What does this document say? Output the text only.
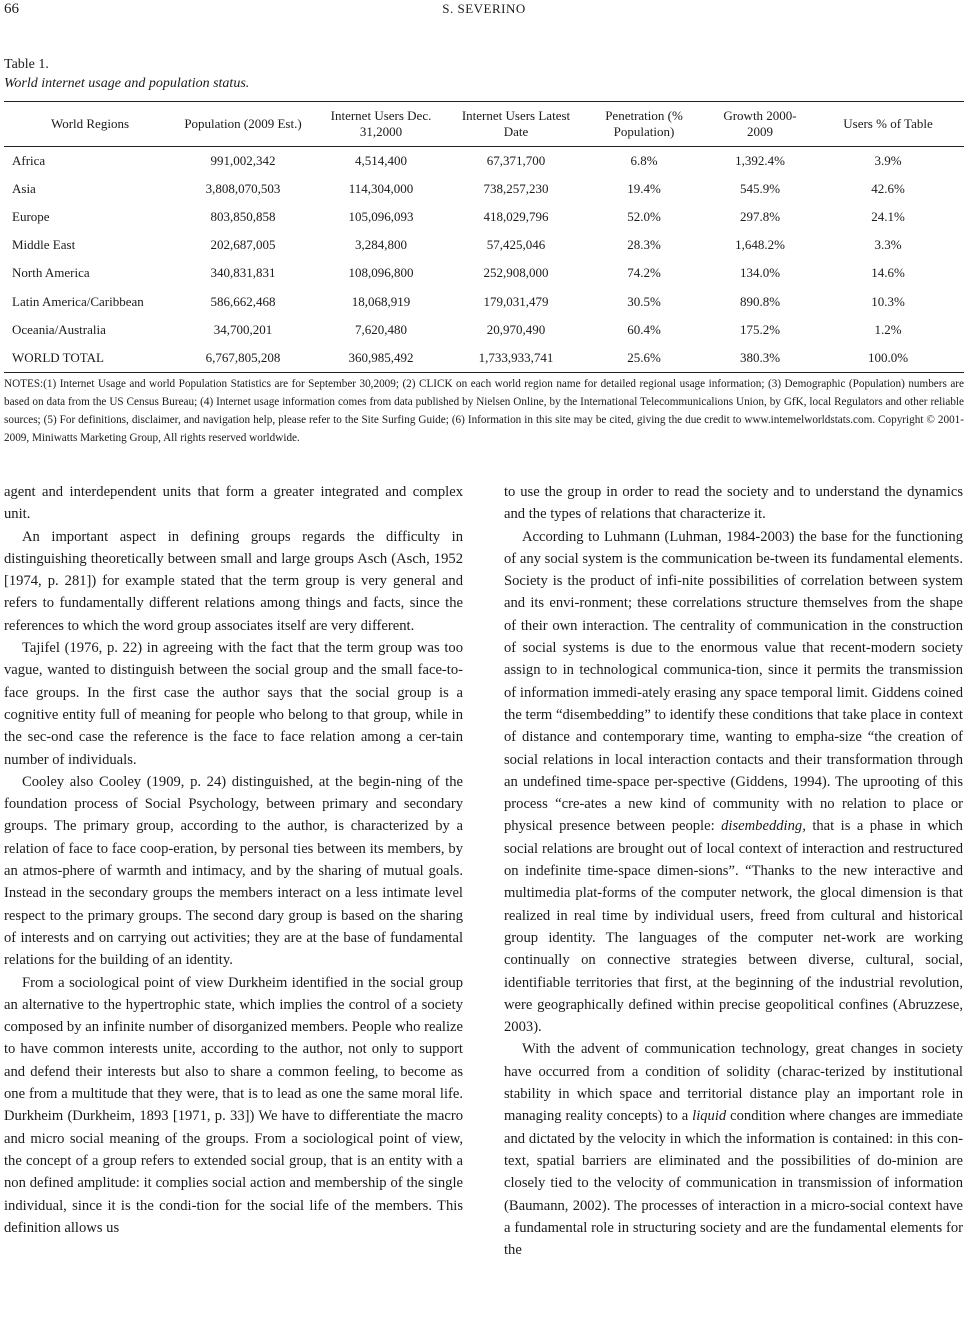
66	S. SEVERINO
Table 1.
World internet usage and population status.
World Regions	Population (2009 Est.)	Internet Users Dec. 31,2000	Internet Users Latest Date	Penetration (% Population)	Growth 2000-2009	Users % of Table
Africa	991,002,342	4,514,400	67,371,700	6.8%	1,392.4%	3.9%
Asia	3,808,070,503	114,304,000	738,257,230	19.4%	545.9%	42.6%
Europe	803,850,858	105,096,093	418,029,796	52.0%	297.8%	24.1%
Middle East	202,687,005	3,284,800	57,425,046	28.3%	1,648.2%	3.3%
North America	340,831,831	108,096,800	252,908,000	74.2%	134.0%	14.6%
Latin America/Caribbean	586,662,468	18,068,919	179,031,479	30.5%	890.8%	10.3%
Oceania/Australia	34,700,201	7,620,480	20,970,490	60.4%	175.2%	1.2%
WORLD TOTAL	6,767,805,208	360,985,492	1,733,933,741	25.6%	380.3%	100.0%
NOTES:(1) Internet Usage and world Population Statistics are for September 30,2009; (2) CLICK on each world region name for detailed regional usage information; (3) Demographic (Population) numbers are based on data from the US Census Bureau; (4) Internet usage information comes from data published by Nielsen Online, by the International Telecommunicalions Union, by GfK, local Regulators and other reliable sources; (5) For definitions, disclaimer, and navigation help, please refer to the Site Surfing Guide; (6) Information in this site may be cited, giving the due credit to www.intemelworldstats.com. Copyright © 2001-2009, Miniwatts Marketing Group, All rights reserved worldwide.

agent and interdependent units that form a greater integrated and complex unit.

An important aspect in defining groups regards the difficulty in distinguishing theoretically between small and large groups Asch (Asch, 1952 [1974, p. 281]) for example stated that the term group is very general and refers to fundamentally different relations among things and facts, since the references to which the word group associates itself are very different.

Tajifel (1976, p. 22) in agreeing with the fact that the term group was too vague, wanted to distinguish between the social group and the small face-to-face groups. In the first case the author says that the social group is a cognitive entity full of meaning for people who belong to that group, while in the sec-ond case the reference is the face to face relation among a cer-tain number of individuals.

Cooley also Cooley (1909, p. 24) distinguished, at the begin-ning of the foundation process of Social Psychology, between primary and secondary groups. The primary group, according to the author, is characterized by a relation of face to face coop-eration, by personal ties between its members, by an atmos-phere of warmth and intimacy, and by the sharing of mutual goals. Instead in the secondary groups the members interact on a less intimate level respect to the primary groups. The second dary group is based on the sharing of interests and on carrying out activities; they are at the base of fundamental relations for the building of an identity.

From a sociological point of view Durkheim identified in the social group an alternative to the hypertrophic state, which implies the control of a society composed by an infinite number of disorganized members. People who realize to have common interests unite, according to the author, not only to support and defend their interests but also to share a common feeling, to become as one from a multitude that they were, that is to lead as one the same moral life. Durkheim (Durkheim, 1893 [1971, p. 33]) We have to differentiate the macro and micro social meaning of the groups. From a sociological point of view, the concept of a group refers to extended social group, that is an entity with a non defined amplitude: it complies social action and membership of the single individual, since it is the condi-tion for the social life of the members. This definition allows us

to use the group in order to read the society and to understand the dynamics and the types of relations that characterize it.

According to Luhmann (Luhman, 1984-2003) the base for the functioning of any social system is the communication be-tween its fundamental elements. Society is the product of infi-nite possibilities of correlation between system and its envi-ronment; these correlations structure themselves from the shape of their own interaction. The centrality of communication in the construction of social systems is due to the enormous value that recent-modern society assign to in technological communica-tion, since it permits the transmission of information immedi-ately erasing any space temporal limit. Giddens coined the term “disembedding” to identify these conditions that take place in context of distance and contemporary time, wanting to empha-size “the creation of social relations in local interaction contacts and their transformation through an undefined time-space per-spective (Giddens, 1994). The uprooting of this process “cre-ates a new kind of community with no relation to place or physical presence between people: disembedding, that is a phase in which social relations are brought out of local context of interaction and restructured on indefinite time-space dimen-sions”. “Thanks to the new interactive and multimedia plat-forms of the computer network, the glocal dimension is that realized in real time by individual users, freed from cultural and historical group identity. The languages of the computer net-work are working continually on connective strategies between diverse, cultural, social, identifiable territories that first, at the beginning of the industrial revolution, were geographically defined within precise geopolitical confines (Abruzzese, 2003).

With the advent of communication technology, great changes in society have occurred from a condition of solidity (charac-terized by institutional stability in which space and territorial distance play an important role in managing reality concepts) to a liquid condition where changes are immediate and dictated by the velocity in which the information is contained: in this con-text, spatial barriers are eliminated and the possibilities of do-minion are closely tied to the velocity of communication in transmission of information (Baumann, 2002). The processes of interaction in a micro-social context have a fundamental role in structuring society and are the fundamental elements for the
